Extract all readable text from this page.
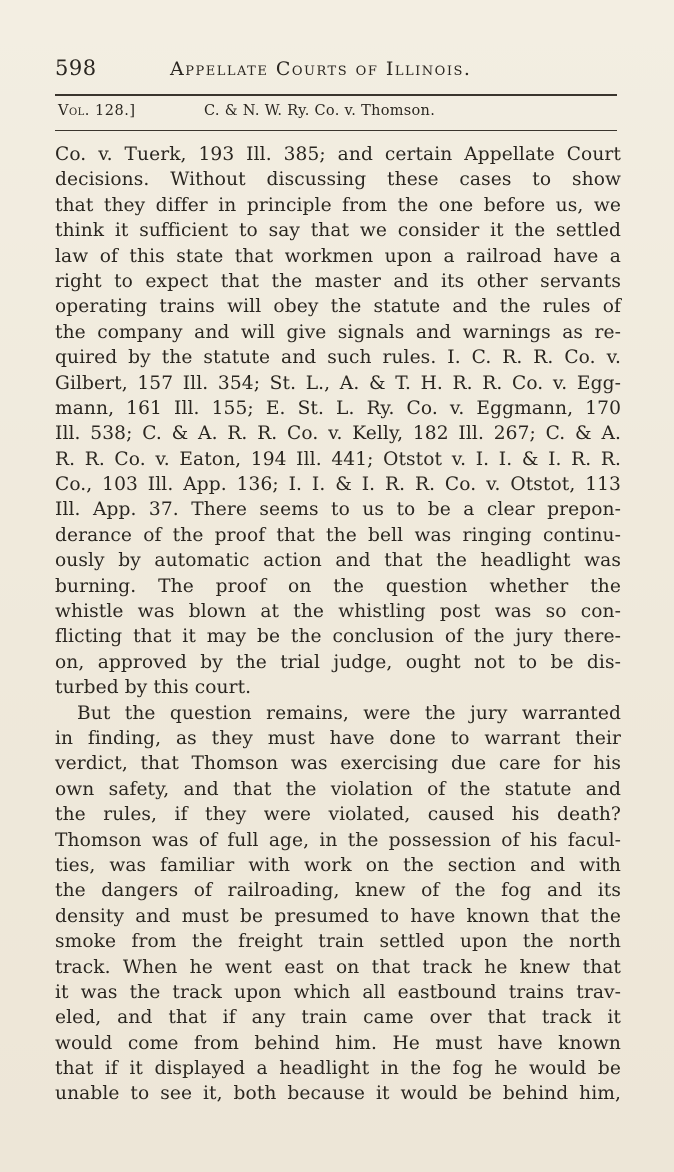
598	Appellate Courts of Illinois.
Vol. 128.]	C. & N. W. Ry. Co. v. Thomson.
Co. v. Tuerk, 193 Ill. 385; and certain Appellate Court
decisions. Without discussing these cases to show
that they differ in principle from the one before us, we
think it sufficient to say that we consider it the settled
law of this state that workmen upon a railroad have a
right to expect that the master and its other servants
operating trains will obey the statute and the rules of
the company and will give signals and warnings as re-
quired by the statute and such rules. I. C. R. R. Co. v.
Gilbert, 157 Ill. 354; St. L., A. & T. H. R. R. Co. v. Egg-
mann, 161 Ill. 155; E. St. L. Ry. Co. v. Eggmann, 170
Ill. 538; C. & A. R. R. Co. v. Kelly, 182 Ill. 267; C. & A.
R. R. Co. v. Eaton, 194 Ill. 441; Otstot v. I. I. & I. R. R.
Co., 103 Ill. App. 136; I. I. & I. R. R. Co. v. Otstot, 113
Ill. App. 37. There seems to us to be a clear prepon-
derance of the proof that the bell was ringing continu-
ously by automatic action and that the headlight was
burning. The proof on the question whether the
whistle was blown at the whistling post was so con-
flicting that it may be the conclusion of the jury there-
on, approved by the trial judge, ought not to be dis-
turbed by this court.
But the question remains, were the jury warranted
in finding, as they must have done to warrant their
verdict, that Thomson was exercising due care for his
own safety, and that the violation of the statute and
the rules, if they were violated, caused his death?
Thomson was of full age, in the possession of his facul-
ties, was familiar with work on the section and with
the dangers of railroading, knew of the fog and its
density and must be presumed to have known that the
smoke from the freight train settled upon the north
track. When he went east on that track he knew that
it was the track upon which all eastbound trains trav-
eled, and that if any train came over that track it
would come from behind him. He must have known
that if it displayed a headlight in the fog he would be
unable to see it, both because it would be behind him,
